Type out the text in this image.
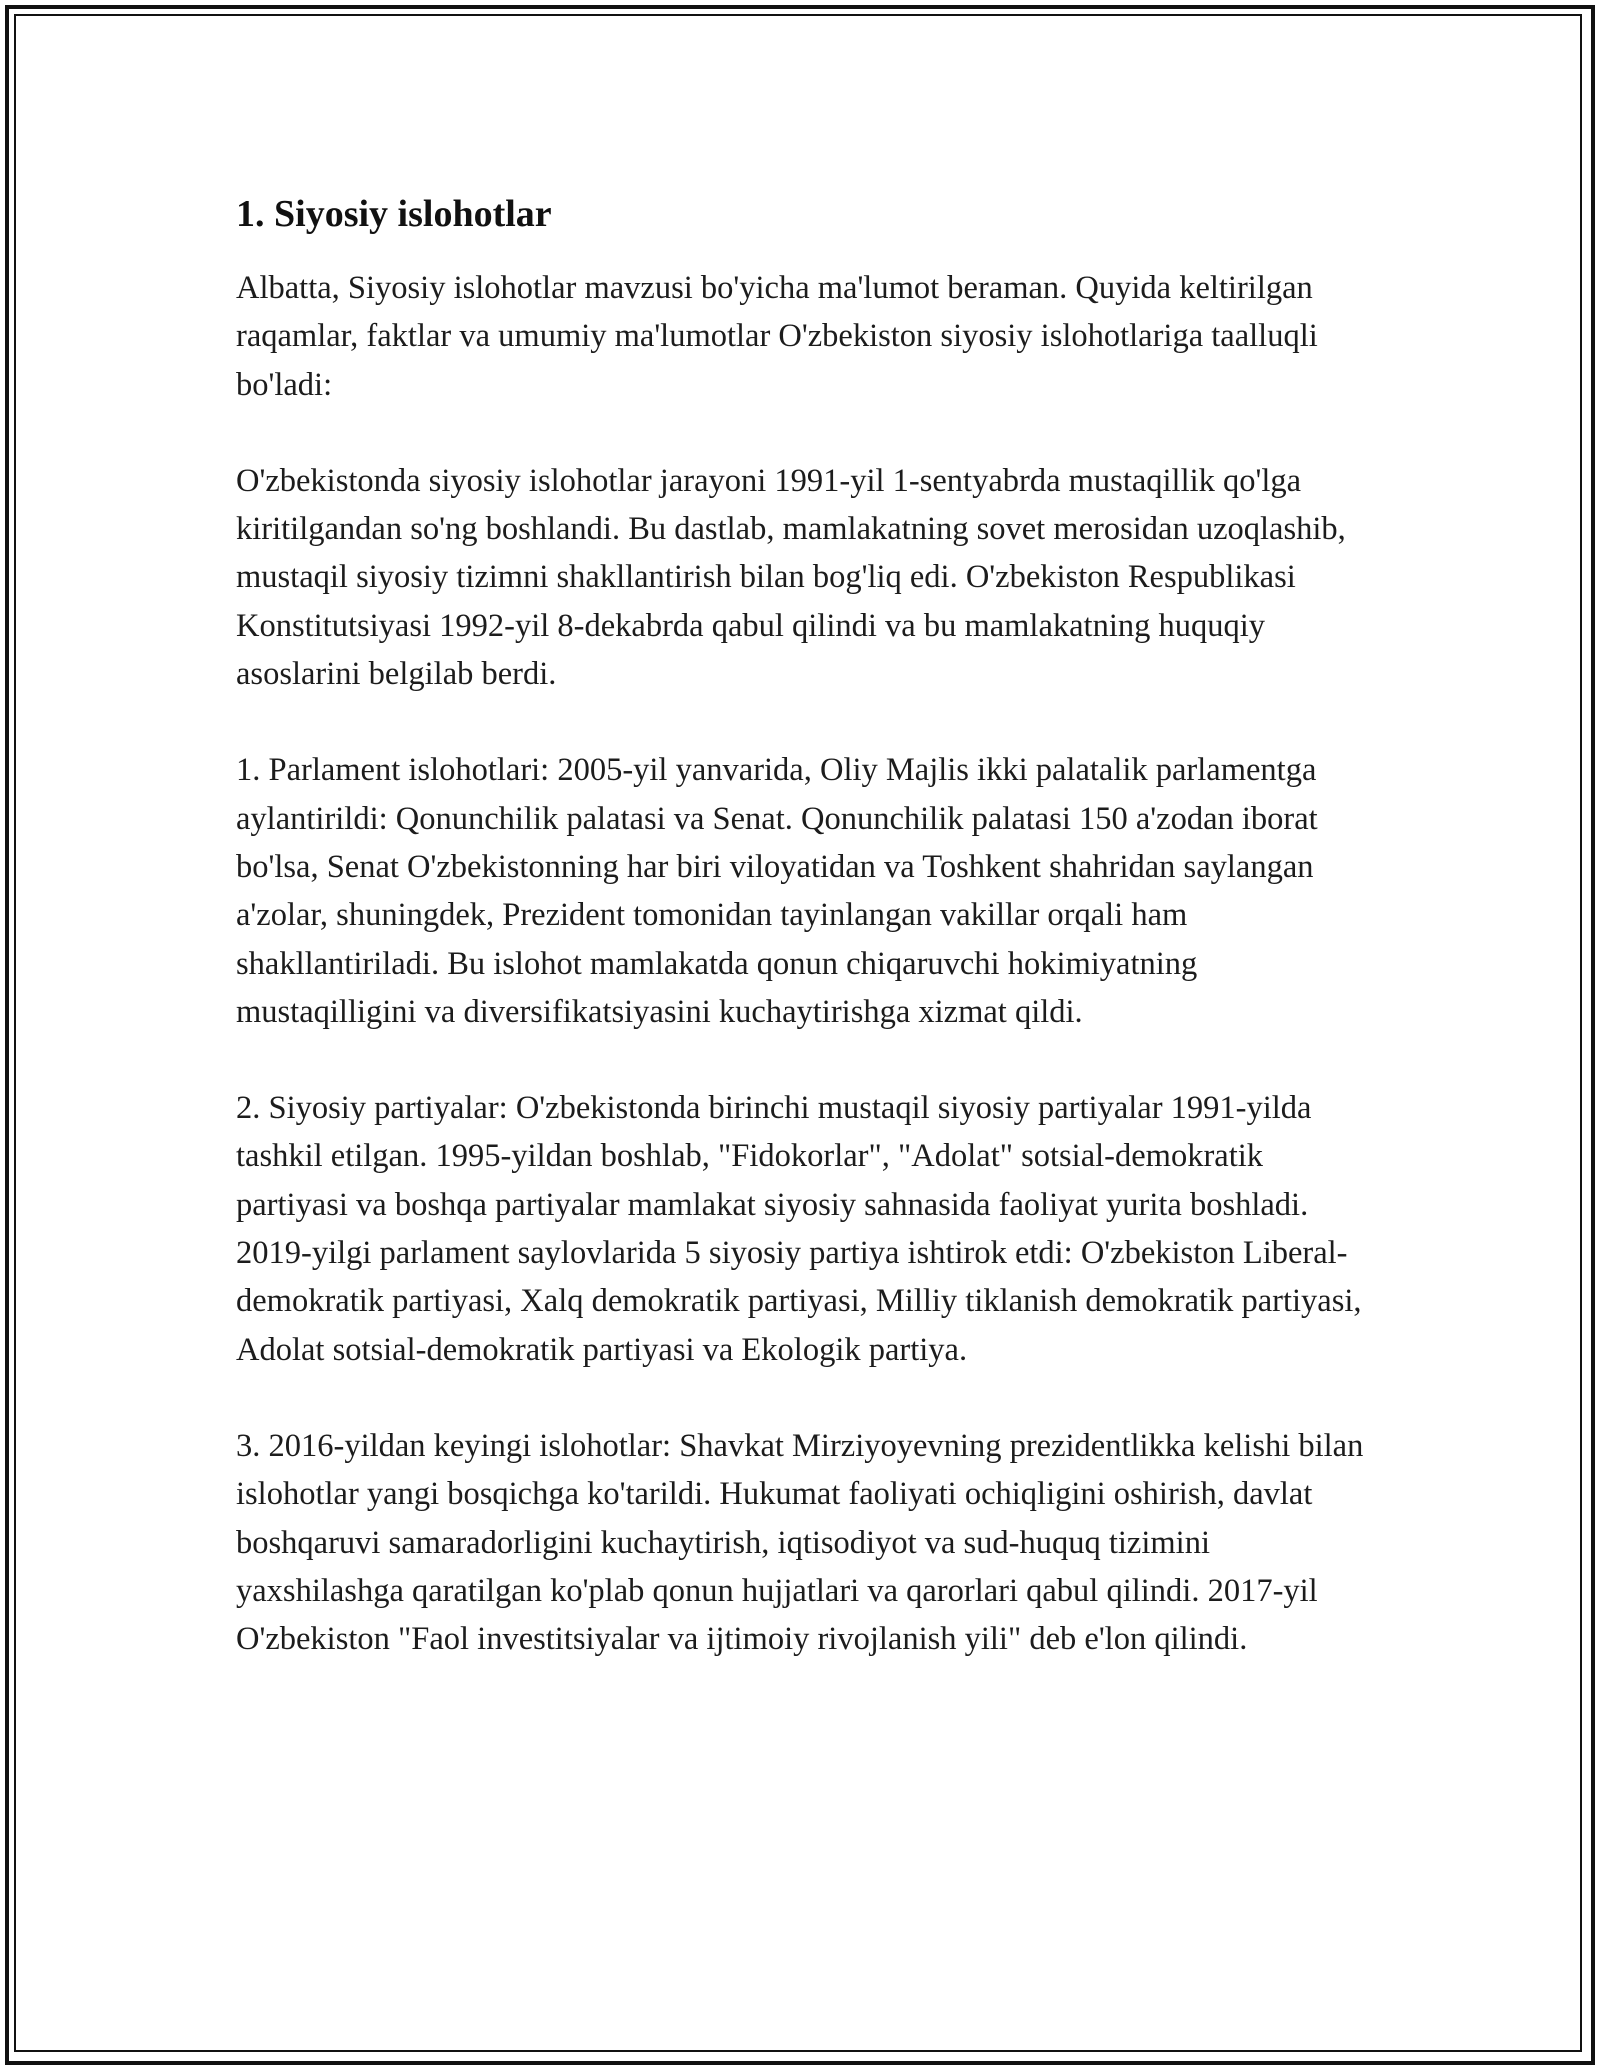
1. Siyosiy islohotlar

Albatta, Siyosiy islohotlar mavzusi bo'yicha ma'lumot beraman. Quyida keltirilgan raqamlar, faktlar va umumiy ma'lumotlar O'zbekiston siyosiy islohotlariga taalluqli bo'ladi:

O'zbekistonda siyosiy islohotlar jarayoni 1991-yil 1-sentyabrda mustaqillik qo'lga kiritilgandan so'ng boshlandi. Bu dastlab, mamlakatning sovet merosidan uzoqlashib, mustaqil siyosiy tizimni shakllantirish bilan bog'liq edi. O'zbekiston Respublikasi Konstitutsiyasi 1992-yil 8-dekabrda qabul qilindi va bu mamlakatning huquqiy asoslarini belgilab berdi.

1. Parlament islohotlari: 2005-yil yanvarida, Oliy Majlis ikki palatalik parlamentga aylantirildi: Qonunchilik palatasi va Senat. Qonunchilik palatasi 150 a'zodan iborat bo'lsa, Senat O'zbekistonning har biri viloyatidan va Toshkent shahridan saylangan a'zolar, shuningdek, Prezident tomonidan tayinlangan vakillar orqali ham shakllantiriladi. Bu islohot mamlakatda qonun chiqaruvchi hokimiyatning mustaqilligini va diversifikatsiyasini kuchaytirishga xizmat qildi.

2. Siyosiy partiyalar: O'zbekistonda birinchi mustaqil siyosiy partiyalar 1991-yilda tashkil etilgan. 1995-yildan boshlab, "Fidokorlar", "Adolat" sotsial-demokratik partiyasi va boshqa partiyalar mamlakat siyosiy sahnasida faoliyat yurita boshladi. 2019-yilgi parlament saylovlarida 5 siyosiy partiya ishtirok etdi: O'zbekiston Liberal-demokratik partiyasi, Xalq demokratik partiyasi, Milliy tiklanish demokratik partiyasi, Adolat sotsial-demokratik partiyasi va Ekologik partiya.

3. 2016-yildan keyingi islohotlar: Shavkat Mirziyoyevning prezidentlikka kelishi bilan islohotlar yangi bosqichga ko'tarildi. Hukumat faoliyati ochiqligini oshirish, davlat boshqaruvi samaradorligini kuchaytirish, iqtisodiyot va sud-huquq tizimini yaxshilashga qaratilgan ko'plab qonun hujjatlari va qarorlari qabul qilindi. 2017-yil O'zbekiston "Faol investitsiyalar va ijtimoiy rivojlanish yili" deb e'lon qilindi.
